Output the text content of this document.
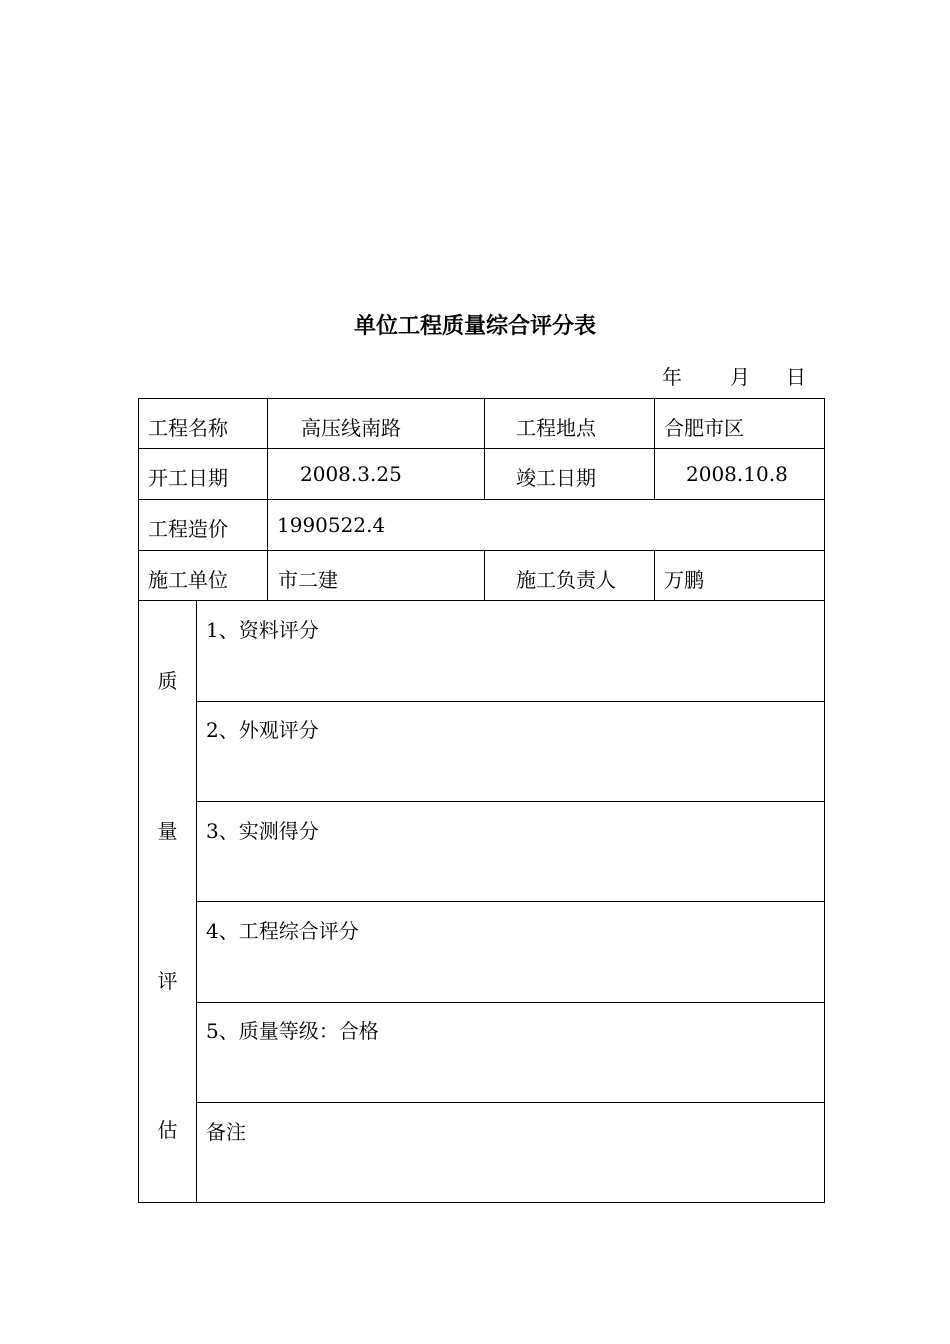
单位工程质量综合评分表
年 月 日
工程名称	高压线南路	工程地点	合肥市区
开工日期	2008.3.25	竣工日期	2008.10.8
工程造价 1990522.4
施工单位	市二建	施工负责人 万鹏
质
量
评
估
1、资料评分
2、外观评分
3、实测得分
4、工程综合评分
5、质量等级：合格
备注
